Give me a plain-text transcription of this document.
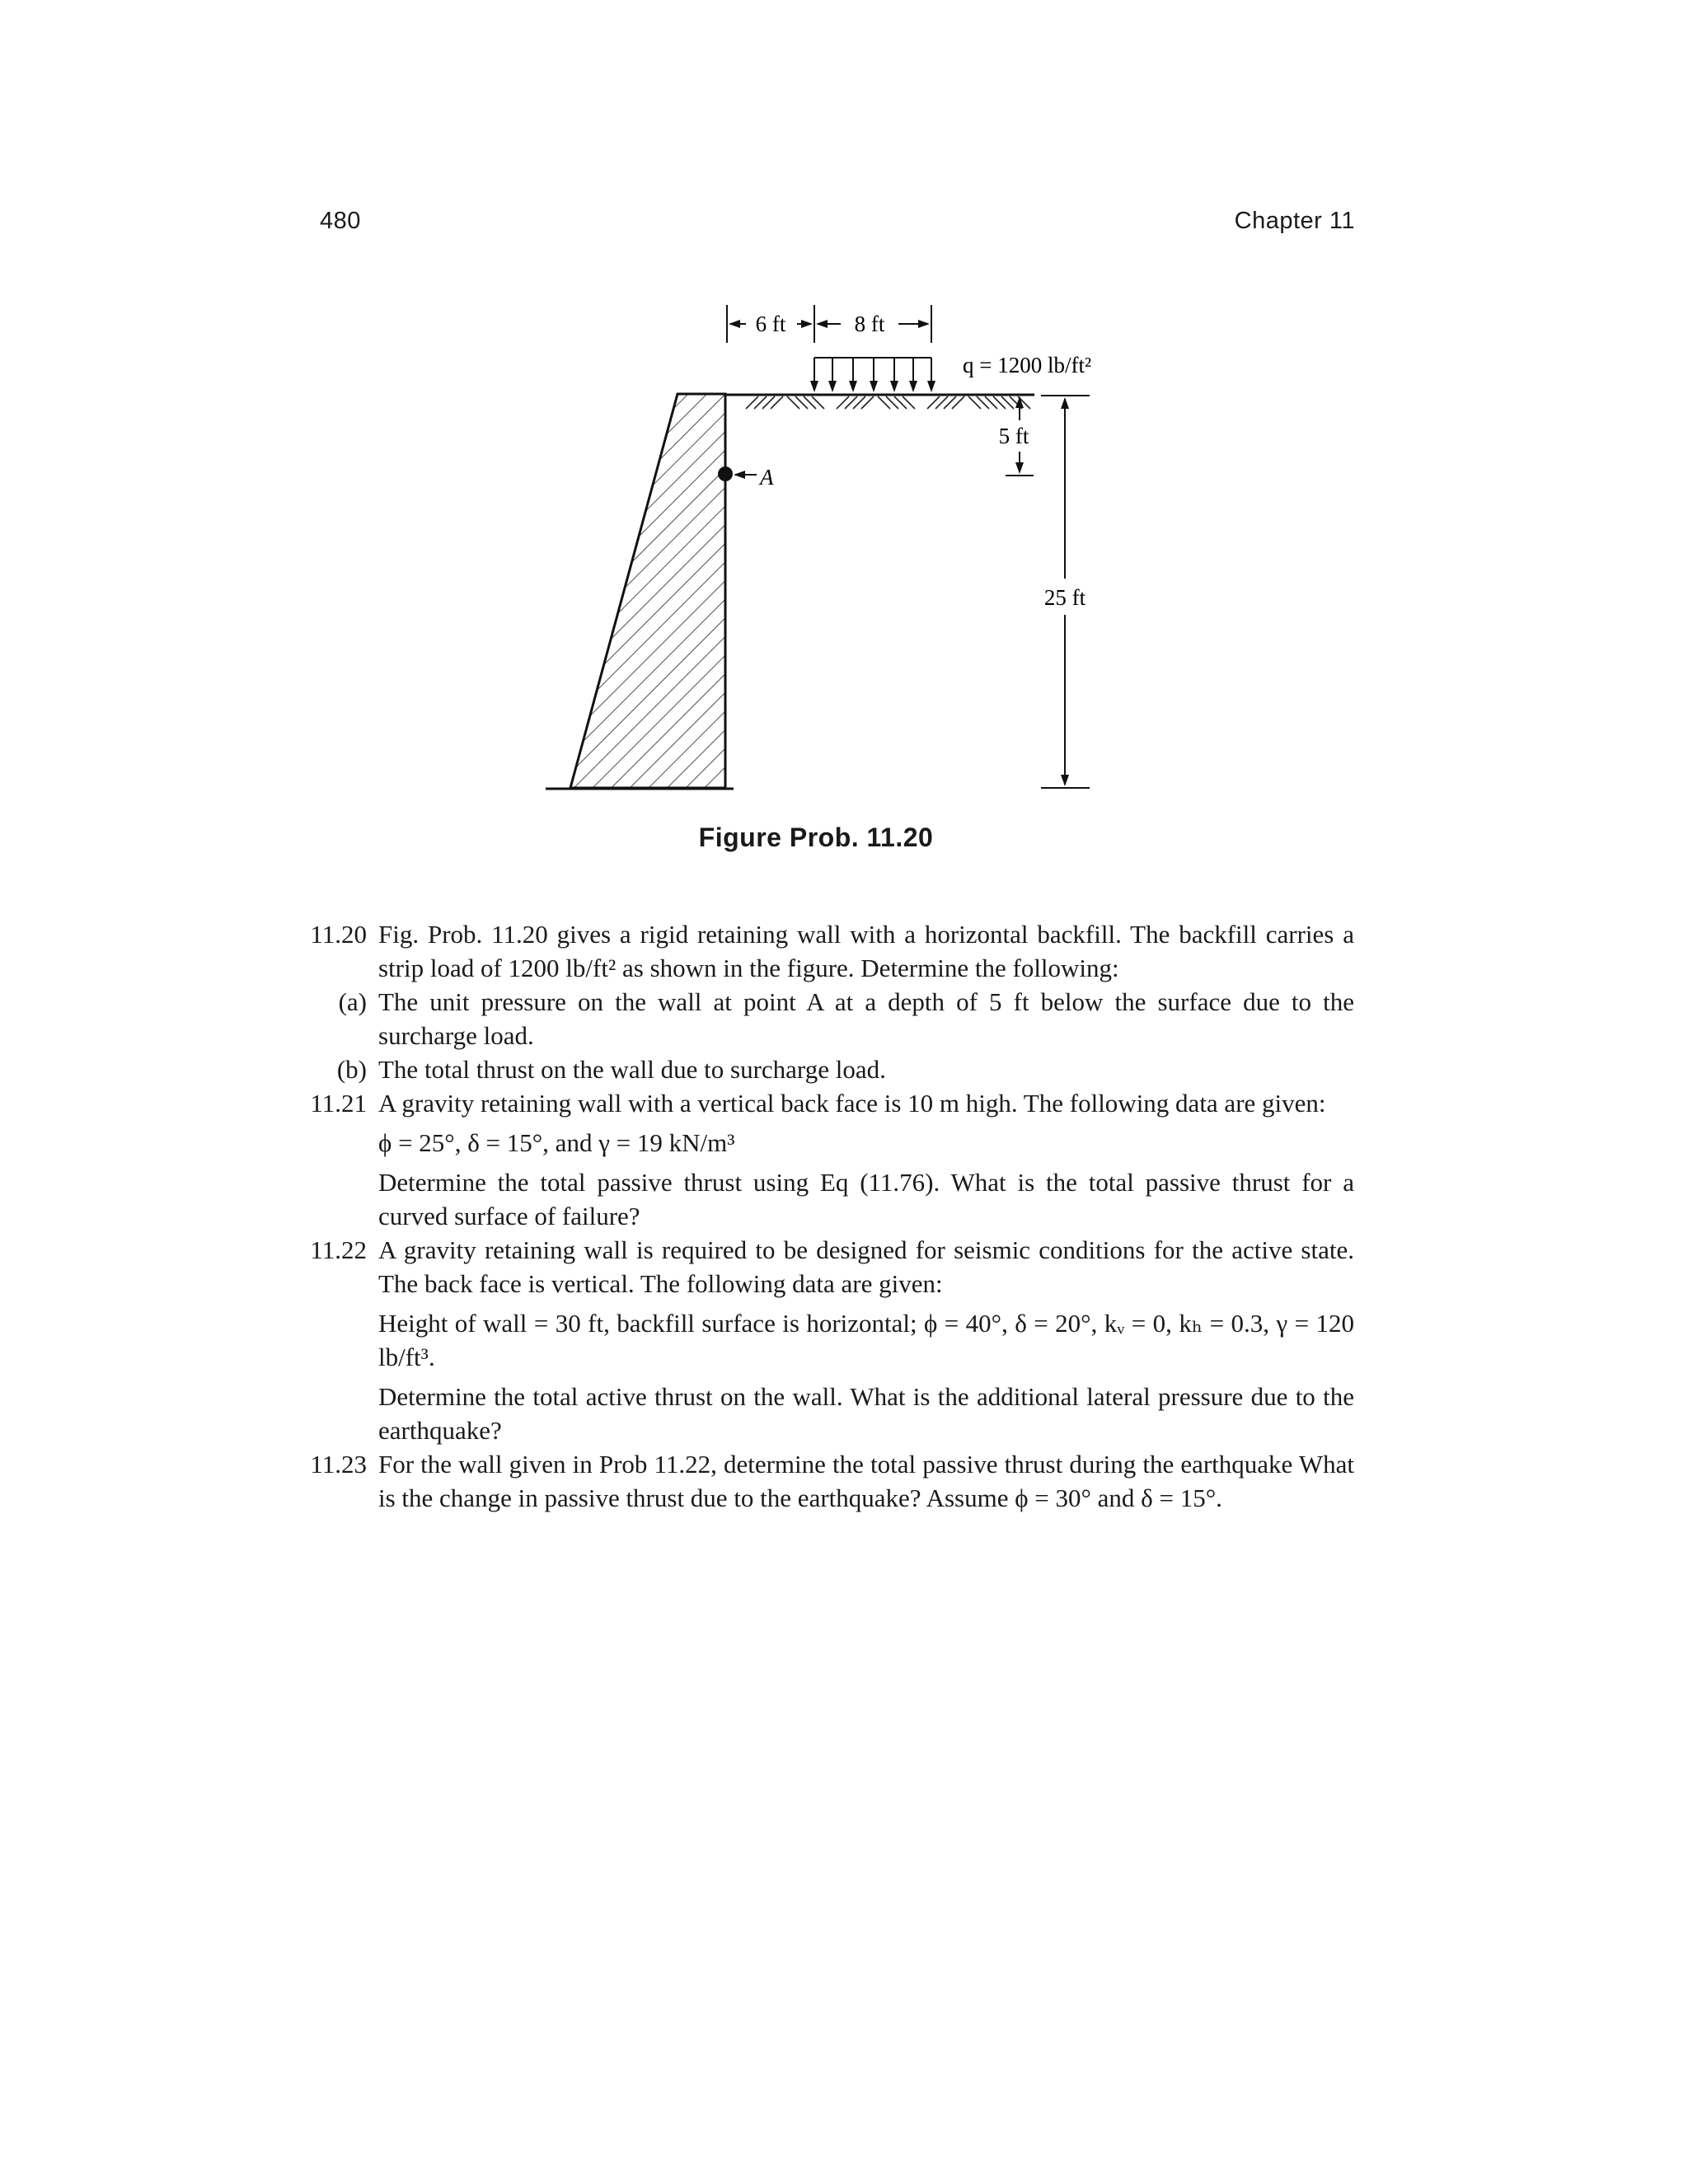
480	Chapter 11
6 ft	8 ft
q = 1200 lb/ft²
A
5 ft
25 ft
Figure Prob. 11.20
11.20 Fig. Prob. 11.20 gives a rigid retaining wall with a horizontal backfill. The backfill carries a strip load of 1200 lb/ft² as shown in the figure. Determine the following:
(a) The unit pressure on the wall at point A at a depth of 5 ft below the surface due to the surcharge load.
(b) The total thrust on the wall due to surcharge load.
11.21 A gravity retaining wall with a vertical back face is 10 m high. The following data are given:
ϕ = 25°, δ = 15°, and γ = 19 kN/m³
Determine the total passive thrust using Eq (11.76). What is the total passive thrust for a curved surface of failure?
11.22 A gravity retaining wall is required to be designed for seismic conditions for the active state. The back face is vertical. The following data are given:
Height of wall = 30 ft, backfill surface is horizontal; ϕ = 40°, δ = 20°, kᵥ = 0, kₕ = 0.3, γ = 120 lb/ft³.
Determine the total active thrust on the wall. What is the additional lateral pressure due to the earthquake?
11.23 For the wall given in Prob 11.22, determine the total passive thrust during the earthquake What is the change in passive thrust due to the earthquake? Assume ϕ = 30° and δ = 15°.
